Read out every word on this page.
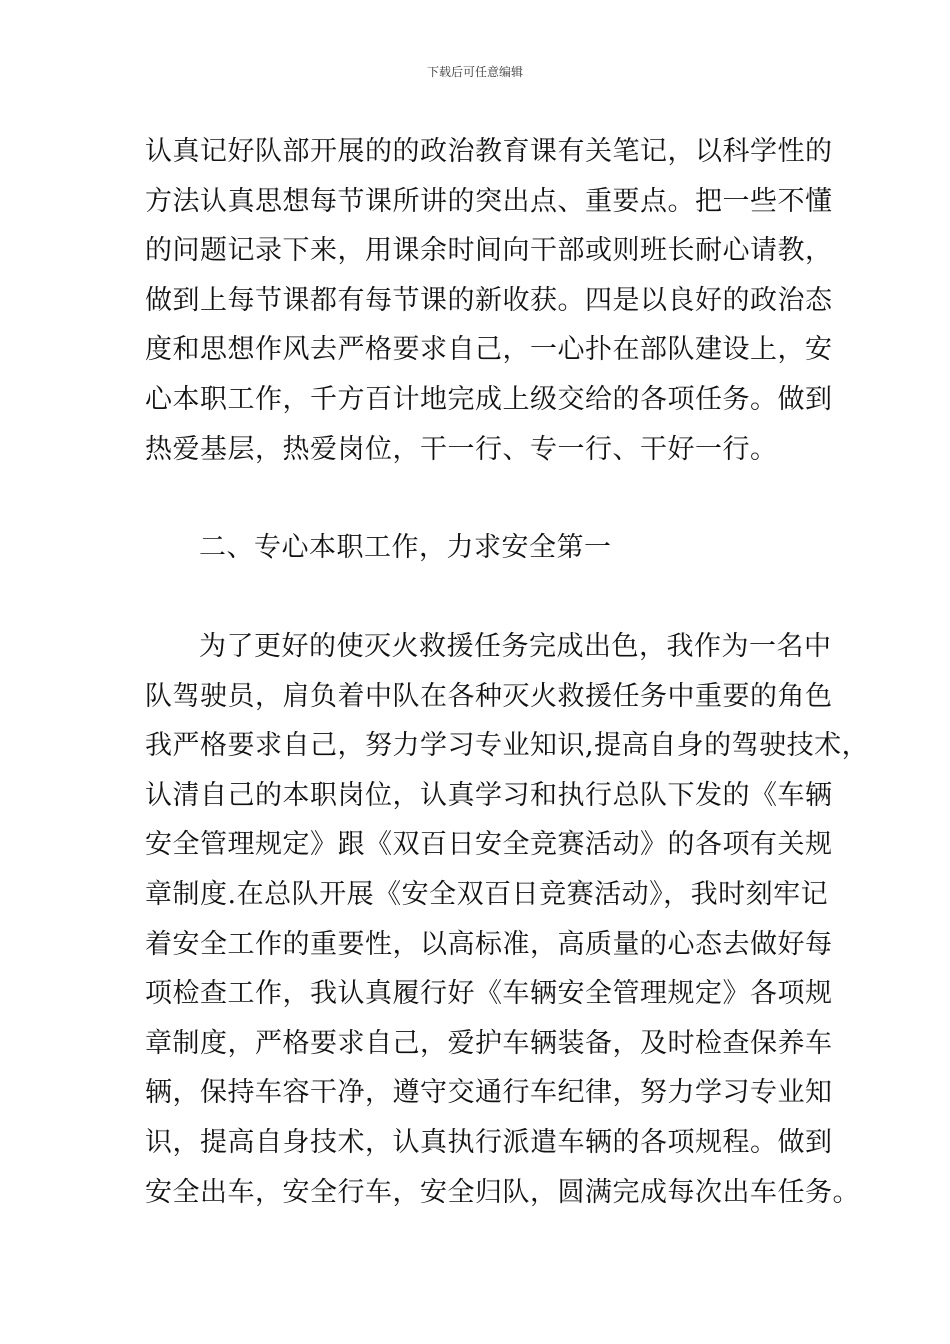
下载后可任意编辑
认真记好队部开展的的政治教育课有关笔记，以科学性的
方法认真思想每节课所讲的突出点、重要点。把一些不懂
的问题记录下来，用课余时间向干部或则班长耐心请教，
做到上每节课都有每节课的新收获。四是以良好的政治态
度和思想作风去严格要求自己，一心扑在部队建设上，安
心本职工作，千方百计地完成上级交给的各项任务。做到
热爱基层，热爱岗位，干一行、专一行、干好一行。
二、专心本职工作，力求安全第一
为了更好的使灭火救援任务完成出色，我作为一名中
队驾驶员，肩负着中队在各种灭火救援任务中重要的角色
我严格要求自己，努力学习专业知识,提高自身的驾驶技术，
认清自己的本职岗位，认真学习和执行总队下发的《车辆
安全管理规定》跟《双百日安全竞赛活动》的各项有关规
章制度.在总队开展《安全双百日竞赛活动》，我时刻牢记
着安全工作的重要性，以高标准，高质量的心态去做好每
项检查工作，我认真履行好《车辆安全管理规定》各项规
章制度，严格要求自己，爱护车辆装备，及时检查保养车
辆，保持车容干净，遵守交通行车纪律，努力学习专业知
识，提高自身技术，认真执行派遣车辆的各项规程。做到
安全出车，安全行车，安全归队，圆满完成每次出车任务。
